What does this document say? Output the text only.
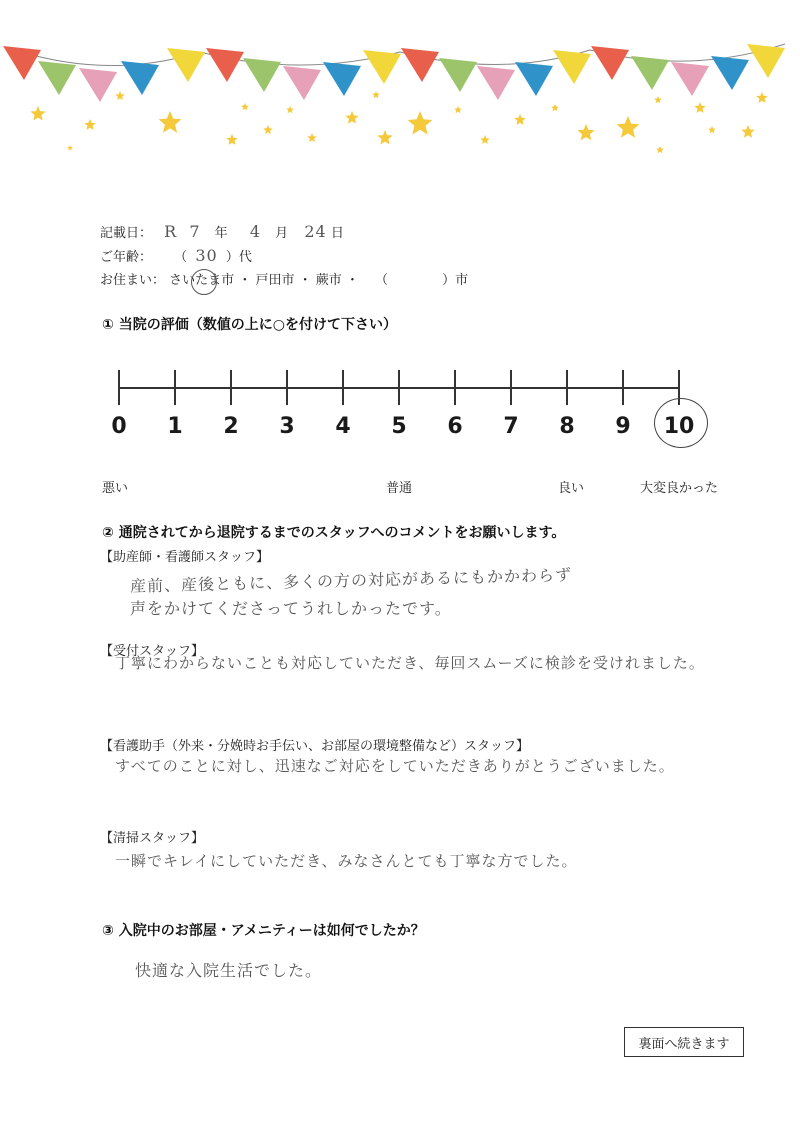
記載日： R 7 年 4 月 24 日
ご年齢： （ 30 ）代
お住まい： さいたま市 ・ 戸田市 ・ 蕨市 ・ （	）市
① 当院の評価（数値の上に○を付けて下さい）
0	1	2	3	4	5	6	7	8	9	10
悪い	普通	良い	大変良かった
② 通院されてから退院するまでのスタッフへのコメントをお願いします。
【助産師・看護師スタッフ】
産前、産後ともに、多くの方の対応があるにもかかわらず
声をかけてくださってうれしかったです。
【受付スタッフ】
丁寧にわからないことも対応していただき、毎回スムーズに検診を受けれました。
【看護助手（外来・分娩時お手伝い、お部屋の環境整備など）スタッフ】
すべてのことに対し、迅速なご対応をしていただきありがとうございました。
【清掃スタッフ】
一瞬でキレイにしていただき、みなさんとても丁寧な方でした。
③ 入院中のお部屋・アメニティーは如何でしたか？
快適な入院生活でした。
裏面へ続きます
